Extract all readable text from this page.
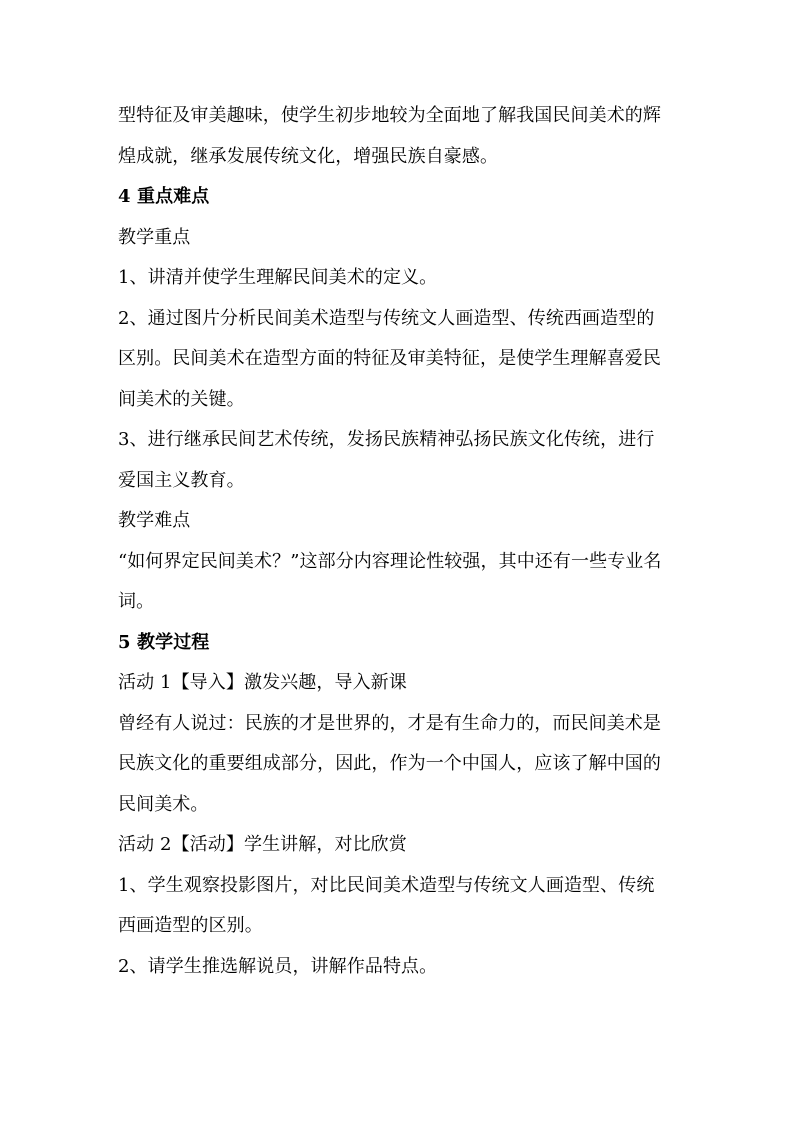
型特征及审美趣味，使学生初步地较为全面地了解我国民间美术的辉
煌成就，继承发展传统文化，增强民族自豪感。
4 重点难点
教学重点
1、讲清并使学生理解民间美术的定义。
2、通过图片分析民间美术造型与传统文人画造型、传统西画造型的
区别。民间美术在造型方面的特征及审美特征，是使学生理解喜爱民
间美术的关键。
3、进行继承民间艺术传统，发扬民族精神弘扬民族文化传统，进行
爱国主义教育。
教学难点
“如何界定民间美术？”这部分内容理论性较强，其中还有一些专业名
词。
5 教学过程
活动 1【导入】激发兴趣，导入新课
曾经有人说过：民族的才是世界的，才是有生命力的，而民间美术是
民族文化的重要组成部分，因此，作为一个中国人，应该了解中国的
民间美术。
活动 2【活动】学生讲解，对比欣赏
1、学生观察投影图片，对比民间美术造型与传统文人画造型、传统
西画造型的区别。
2、请学生推选解说员，讲解作品特点。
